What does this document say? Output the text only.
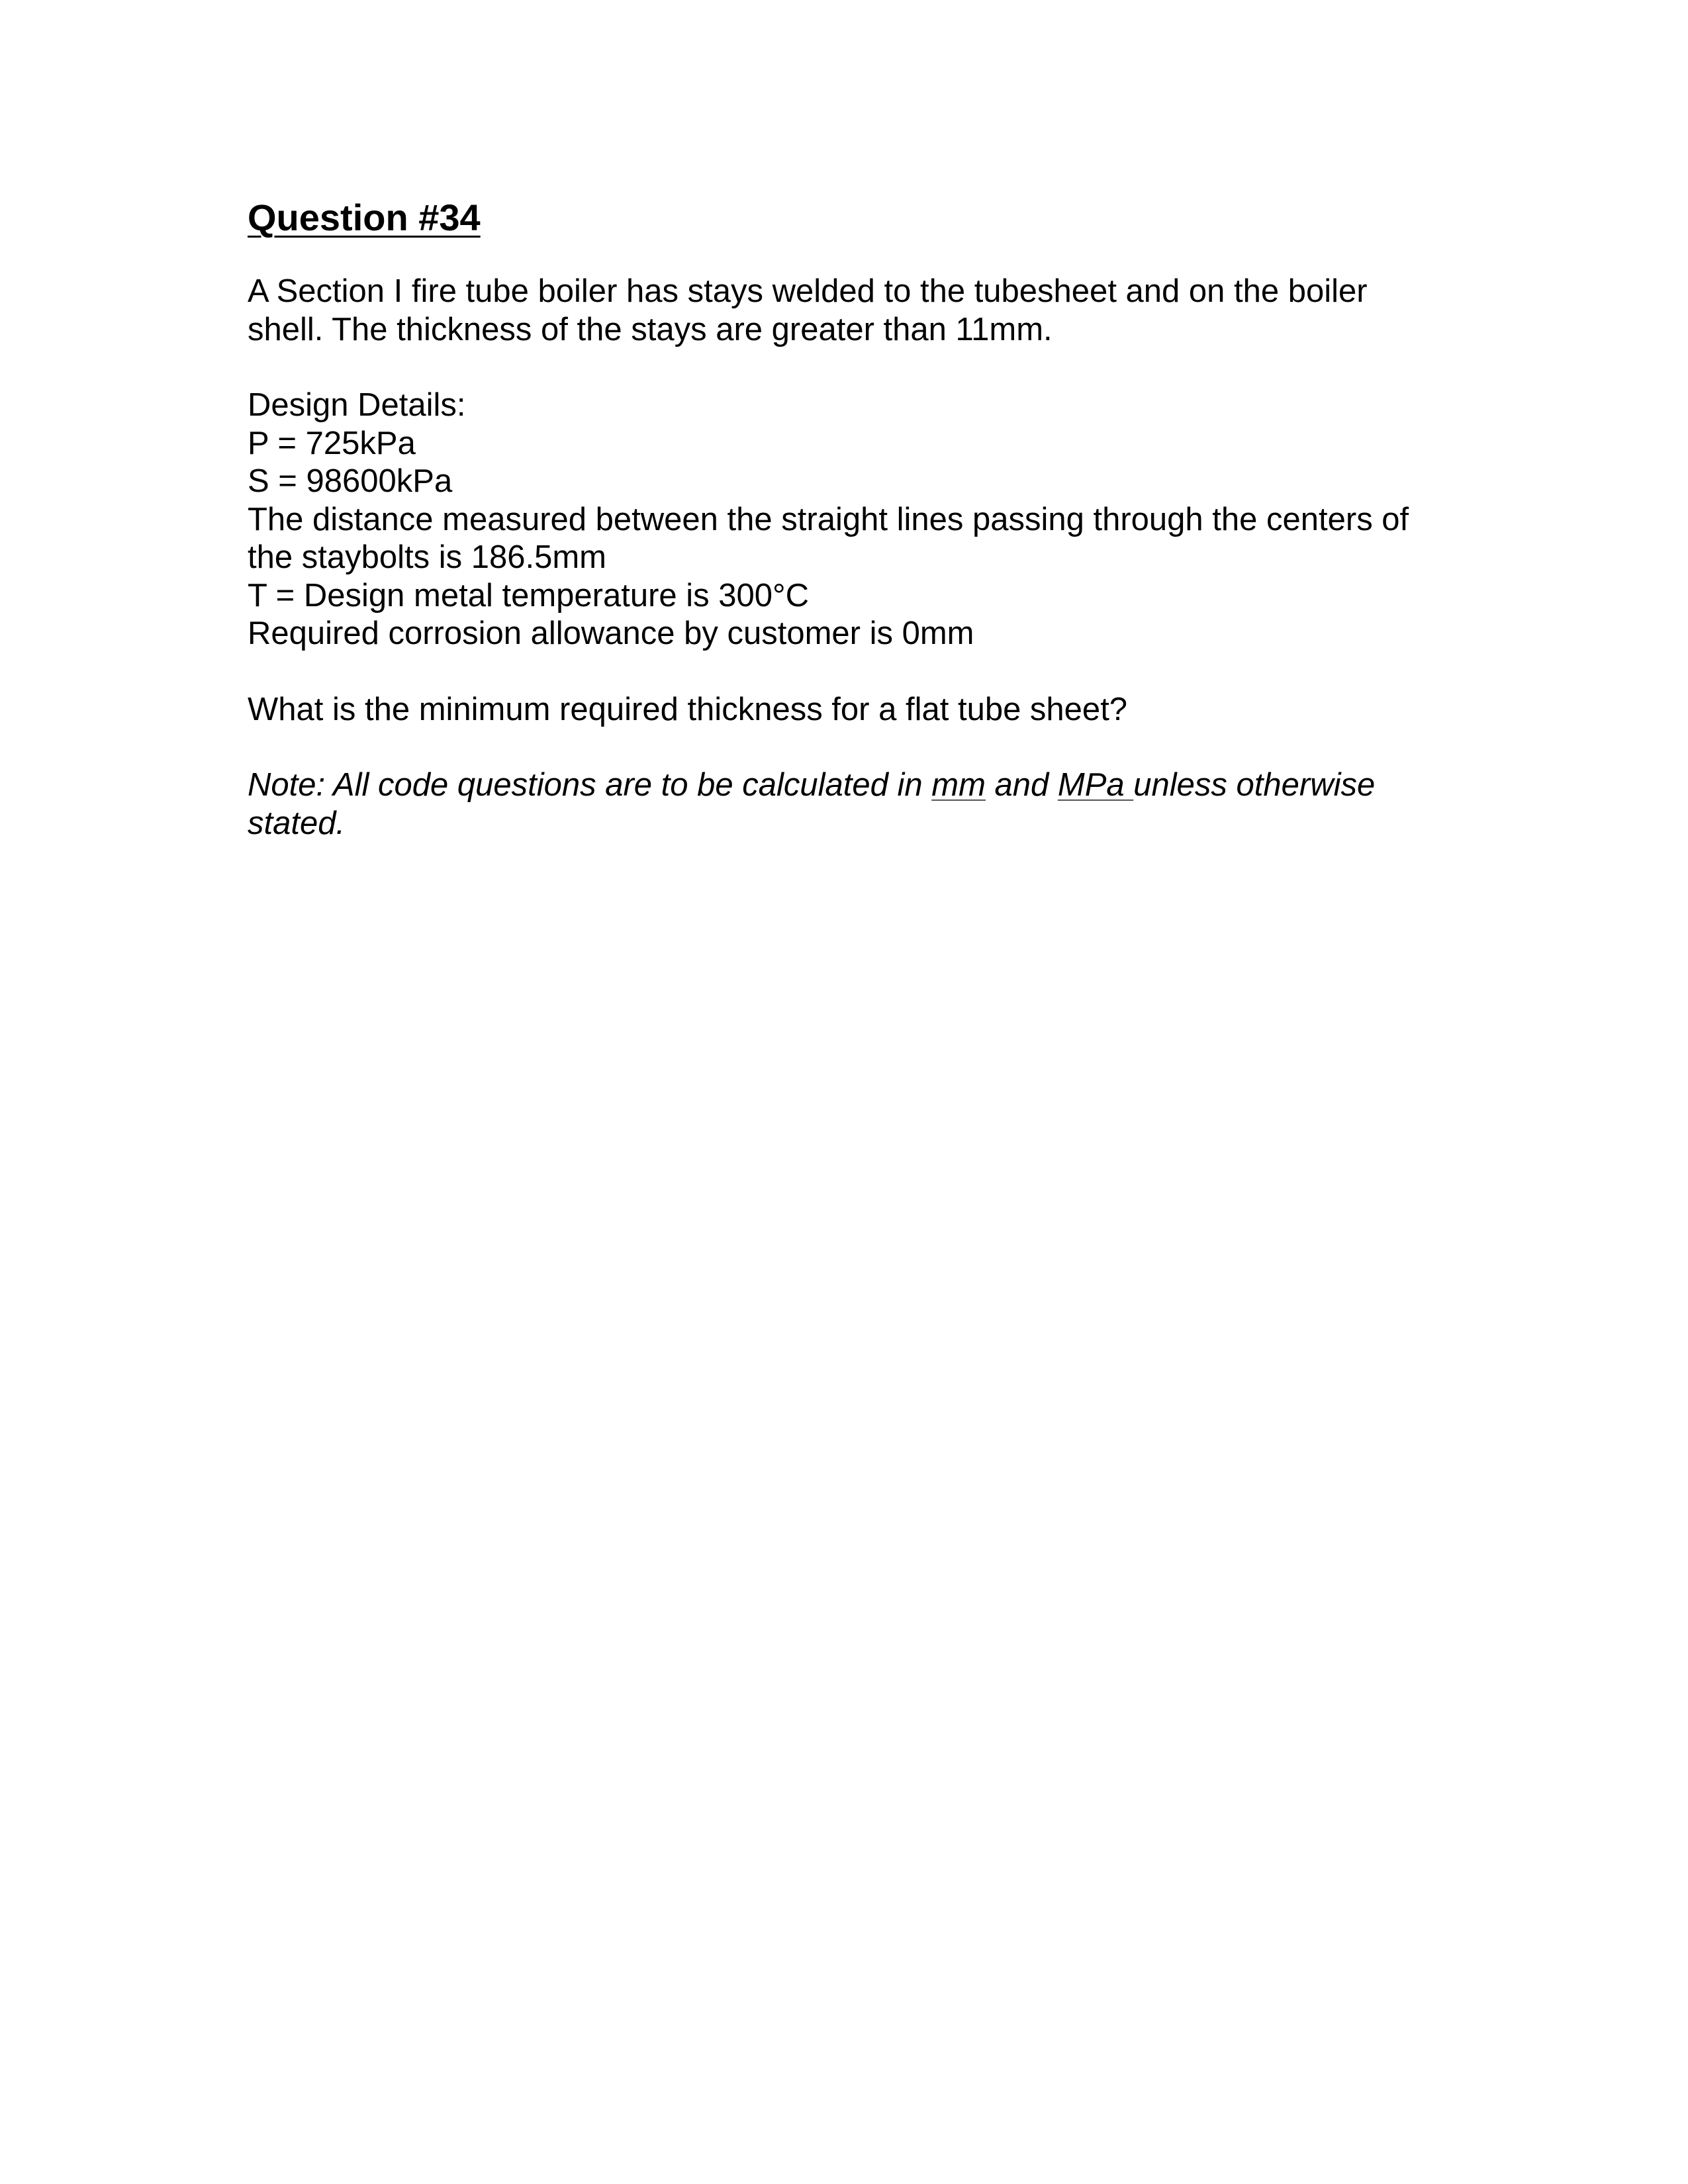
Question #34
A Section I fire tube boiler has stays welded to the tubesheet and on the boiler
shell. The thickness of the stays are greater than 11mm.
Design Details:
P = 725kPa
S = 98600kPa
The distance measured between the straight lines passing through the centers of
the staybolts is 186.5mm
T = Design metal temperature is 300°C
Required corrosion allowance by customer is 0mm
What is the minimum required thickness for a flat tube sheet?
Note: All code questions are to be calculated in mm and MPa unless otherwise
stated.
